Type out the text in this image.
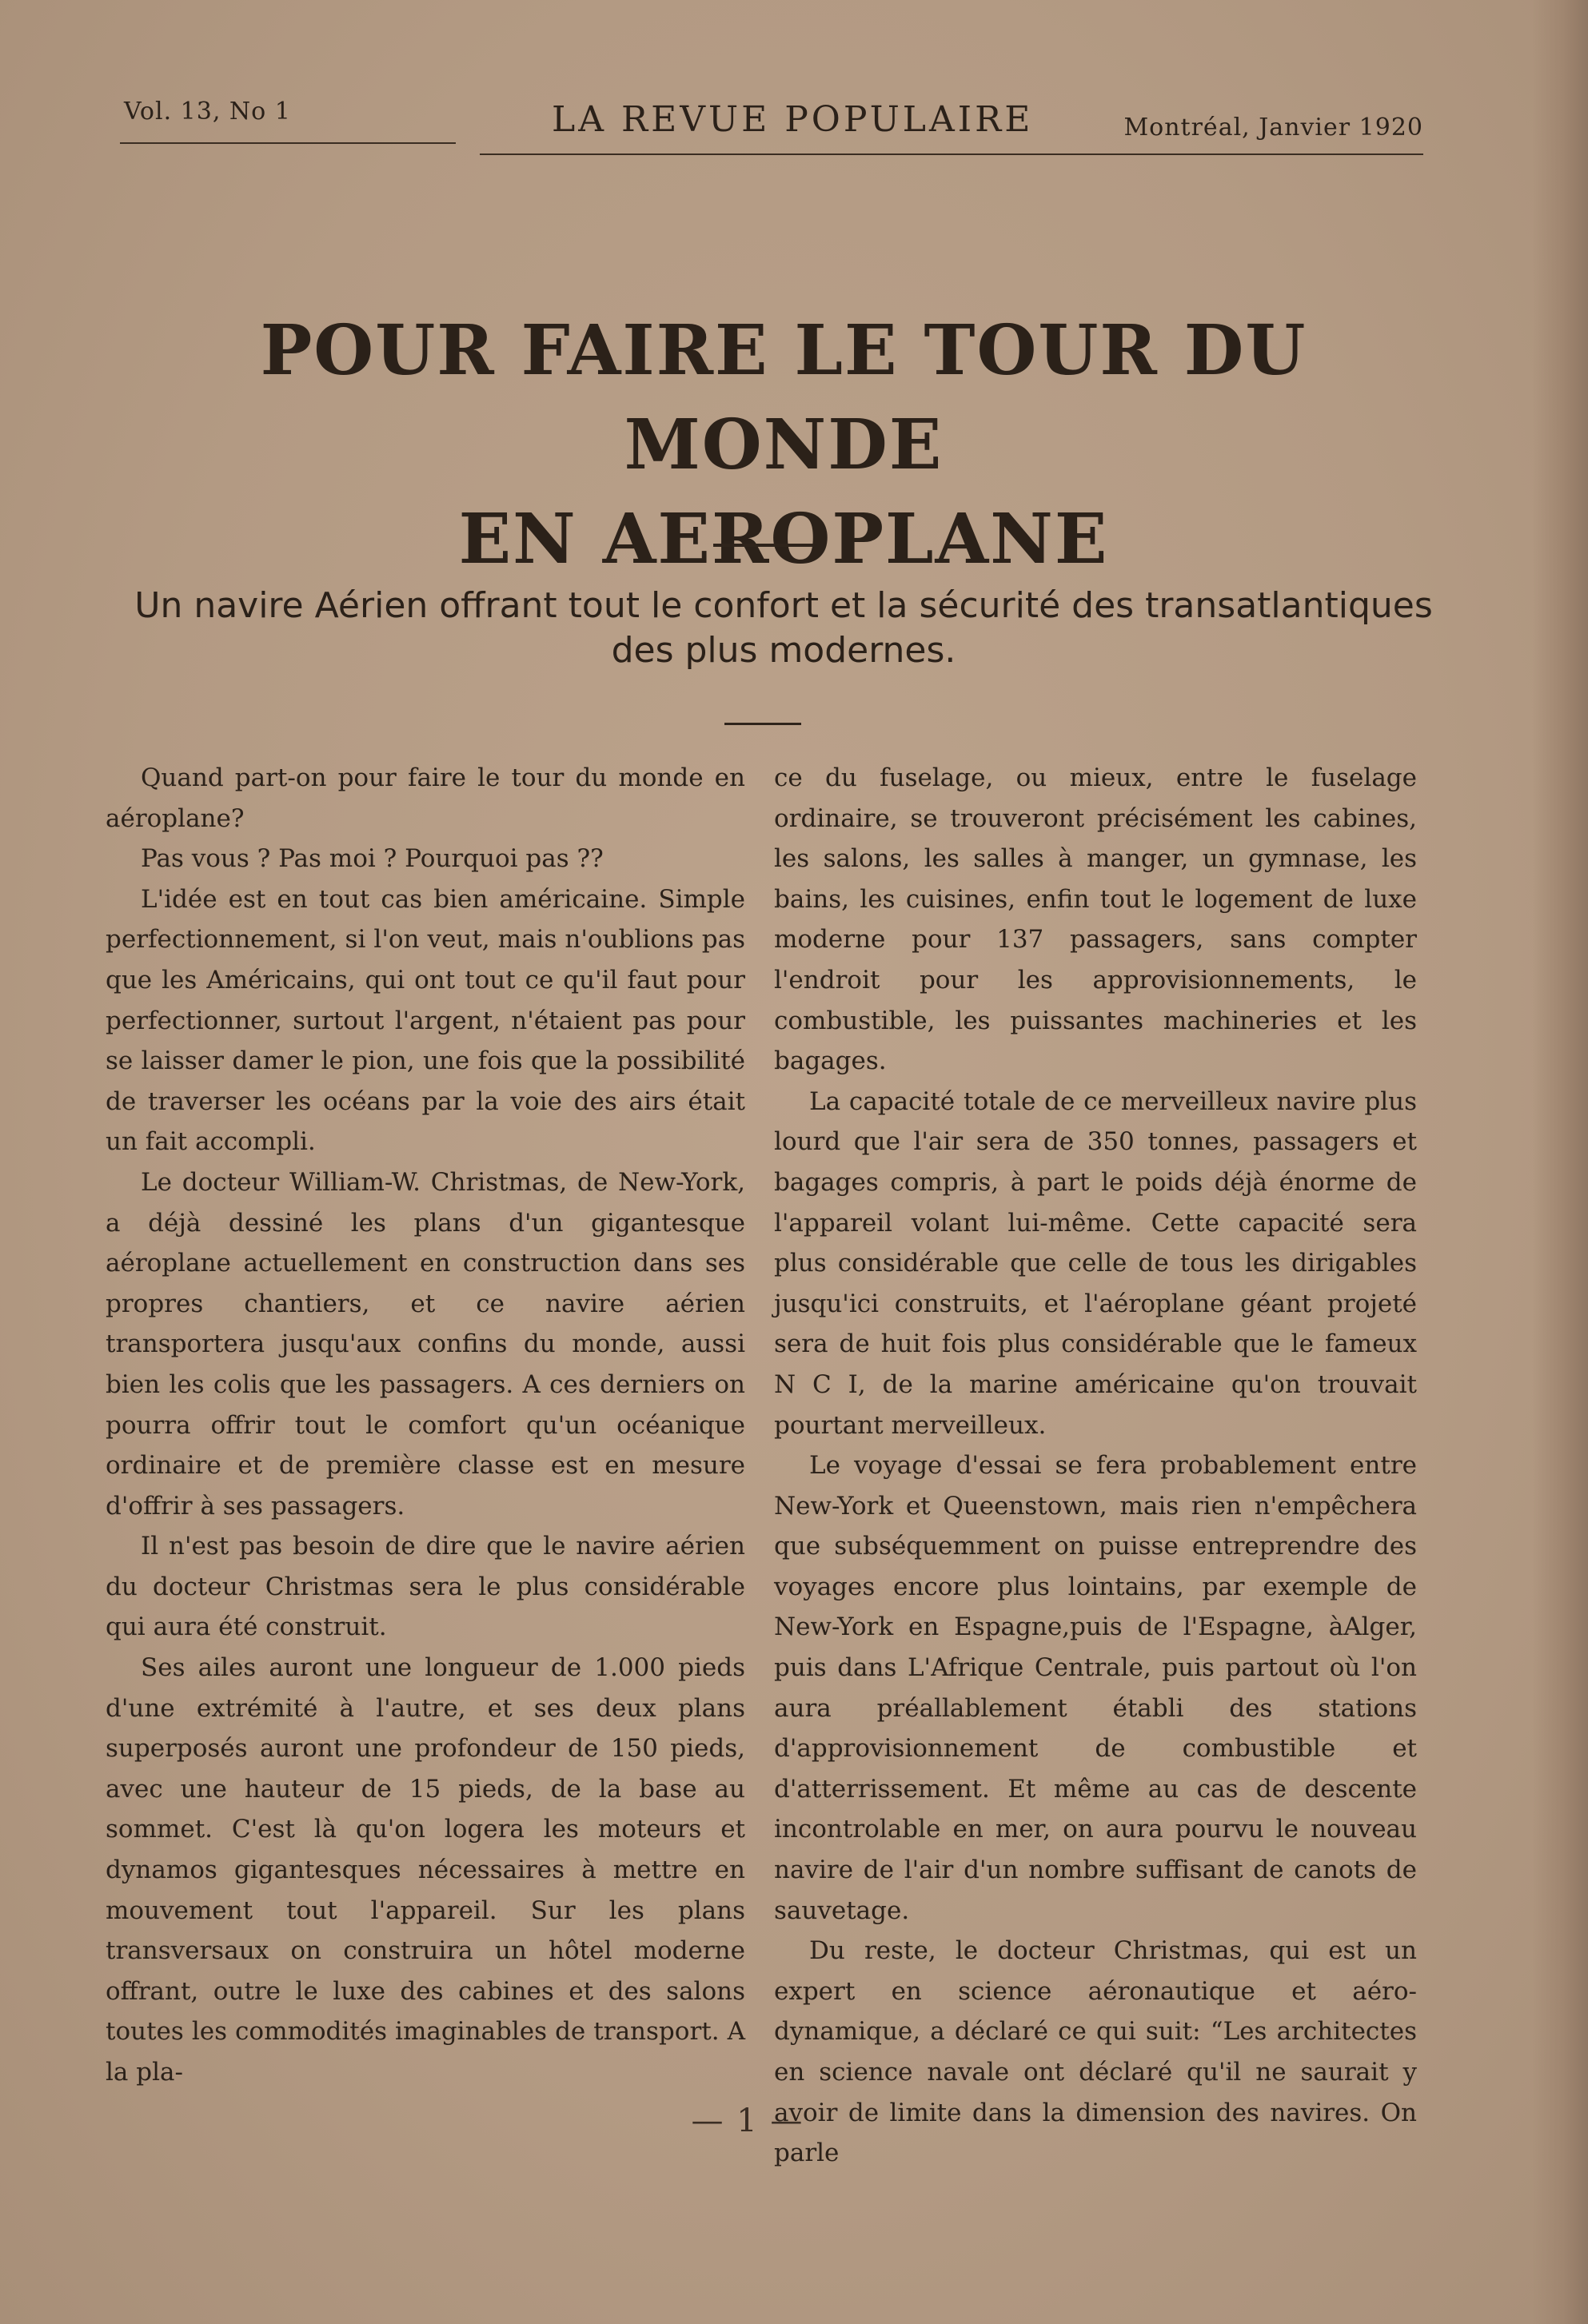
Vol. 13, No 1	LA REVUE POPULAIRE	Montréal, Janvier 1920
POUR FAIRE LE TOUR DU MONDE
EN AEROPLANE
Un navire Aérien offrant tout le confort et la sécurité des transatlantiques
des plus modernes.

Quand part-on pour faire le tour du monde en aéroplane?

Pas vous ? Pas moi ? Pourquoi pas ??

L'idée est en tout cas bien américaine. Simple perfectionnement, si l'on veut, mais n'oublions pas que les Américains, qui ont tout ce qu'il faut pour perfectionner, surtout l'argent, n'étaient pas pour se laisser damer le pion, une fois que la possibilité de traverser les océans par la voie des airs était un fait accompli.

Le docteur William-W. Christmas, de New-York, a déjà dessiné les plans d'un gigantesque aéroplane actuellement en construction dans ses propres chantiers, et ce navire aérien transportera jusqu'aux confins du monde, aussi bien les colis que les passagers. A ces derniers on pourra offrir tout le comfort qu'un océanique ordinaire et de première classe est en mesure d'offrir à ses passagers.

Il n'est pas besoin de dire que le navire aérien du docteur Christmas sera le plus considérable qui aura été construit.

Ses ailes auront une longueur de 1.000 pieds d'une extrémité à l'autre, et ses deux plans superposés auront une profondeur de 150 pieds, avec une hauteur de 15 pieds, de la base au sommet. C'est là qu'on logera les moteurs et dynamos gigantesques nécessaires à mettre en mouvement tout l'appareil. Sur les plans transversaux on construira un hôtel moderne offrant, outre le luxe des cabines et des salons toutes les commodités imaginables de transport. A la pla-

ce du fuselage, ou mieux, entre le fuselage ordinaire, se trouveront précisément les cabines, les salons, les salles à manger, un gymnase, les bains, les cuisines, enfin tout le logement de luxe moderne pour 137 passagers, sans compter l'endroit pour les approvisionnements, le combustible, les puissantes machineries et les bagages.

La capacité totale de ce merveilleux navire plus lourd que l'air sera de 350 tonnes, passagers et bagages compris, à part le poids déjà énorme de l'appareil volant lui-même. Cette capacité sera plus considérable que celle de tous les dirigables jusqu'ici construits, et l'aéroplane géant projeté sera de huit fois plus considérable que le fameux N C I, de la marine américaine qu'on trouvait pourtant merveilleux.

Le voyage d'essai se fera probablement entre New-York et Queenstown, mais rien n'empêchera que subséquemment on puisse entreprendre des voyages encore plus lointains, par exemple de New-York en Espagne,puis de l'Espagne, àAlger, puis dans L'Afrique Centrale, puis partout où l'on aura préallablement établi des stations d'approvisionnement de combustible et d'atterrissement. Et même au cas de descente incontrolable en mer, on aura pourvu le nouveau navire de l'air d'un nombre suffisant de canots de sauvetage.

Du reste, le docteur Christmas, qui est un expert en science aéronautique et aéro-dynamique, a déclaré ce qui suit: “Les architectes en science navale ont déclaré qu'il ne saurait y avoir de limite dans la dimension des navires. On parle

— 1 —
